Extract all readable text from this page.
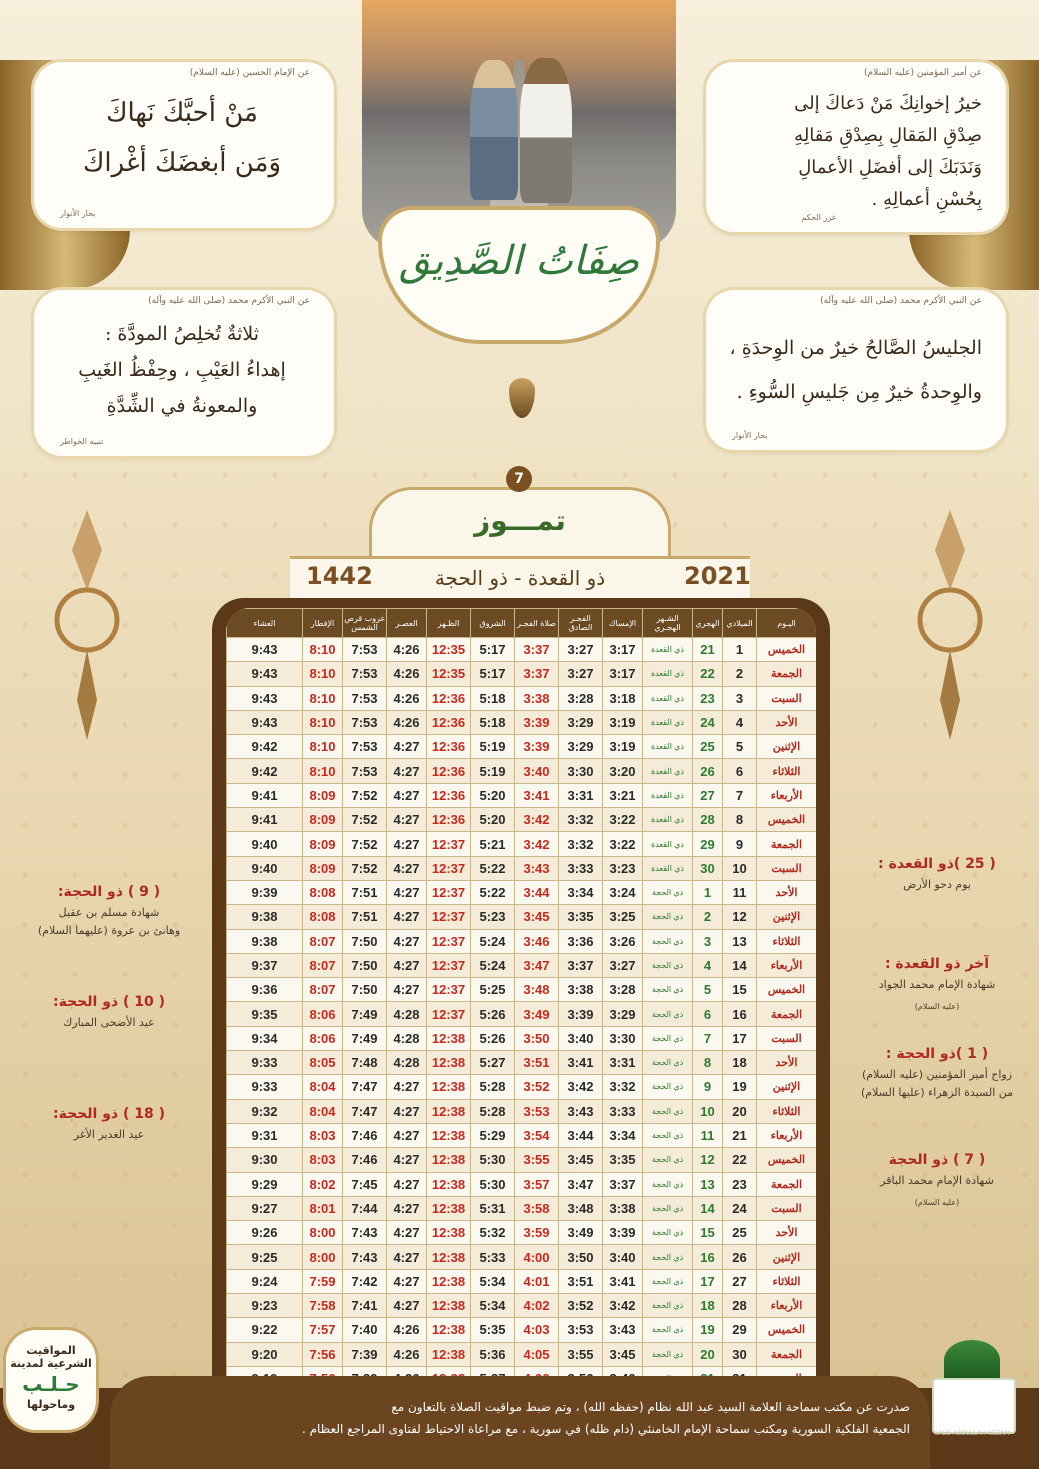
عن أمير المؤمنين (عليه السلام)
خيرُ إخوانِكَ مَنْ دَعاكَ إلى
صِدْقِ المَقالِ بِصِدْقِ مَقالِهِ
وَنَدَبَكَ إلى أفضَلِ الأعمالِ
بِحُسْنِ أعمالِهِ .
غرر الحكم
عن الإمام الحسين (عليه السلام)
مَنْ أحبَّكَ نَهاكَ
وَمَن أبغضَكَ أغْراكَ
بحار الأنوار
عن النبي الأكرم محمد (صلى الله عليه وآله)
الجليسُ الصَّالحُ خيرٌ من الوِحدَةِ ،
والوِحدةُ خيرٌ مِن جَليسِ السُّوءِ .
بحار الأنوار
عن النبي الأكرم محمد (صلى الله عليه وآله)
ثلاثةٌ تُخلِصُ المودَّةَ :
إهداءُ العَيْبِ ، وحِفْظُ الغَيبِ
والمعونةُ في الشِّدَّةِ
تنبيه الخواطر
صِفَاتُ الصَّدِيق
7
تمـــوز
2021
1442	ذو القعدة - ذو الحجة
اليـوم	الميلادي	الهجري	الشـهر الهجـري	الإمساك	الفجـر الصادق	صلاة الفجـر	الشروق	الظـهر	العصـر	غروب قرص الشمس	الإفطار	العشاء
الخميس	1	21	ذي القعدة	3:17	3:27	3:37	5:17	12:35	4:26	7:53	8:10	9:43
الجمعة	2	22	ذي القعدة	3:17	3:27	3:37	5:17	12:35	4:26	7:53	8:10	9:43
السبت	3	23	ذي القعدة	3:18	3:28	3:38	5:18	12:36	4:26	7:53	8:10	9:43
الأحد	4	24	ذي القعدة	3:19	3:29	3:39	5:18	12:36	4:26	7:53	8:10	9:43
الإثنين	5	25	ذي القعدة	3:19	3:29	3:39	5:19	12:36	4:27	7:53	8:10	9:42
الثلاثاء	6	26	ذي القعدة	3:20	3:30	3:40	5:19	12:36	4:27	7:53	8:10	9:42
الأربعاء	7	27	ذي القعدة	3:21	3:31	3:41	5:20	12:36	4:27	7:52	8:09	9:41
الخميس	8	28	ذي القعدة	3:22	3:32	3:42	5:20	12:36	4:27	7:52	8:09	9:41
الجمعة	9	29	ذي القعدة	3:22	3:32	3:42	5:21	12:37	4:27	7:52	8:09	9:40
السبت	10	30	ذي القعدة	3:23	3:33	3:43	5:22	12:37	4:27	7:52	8:09	9:40
الأحد	11	1	ذي الحجة	3:24	3:34	3:44	5:22	12:37	4:27	7:51	8:08	9:39
الإثنين	12	2	ذي الحجة	3:25	3:35	3:45	5:23	12:37	4:27	7:51	8:08	9:38
الثلاثاء	13	3	ذي الحجة	3:26	3:36	3:46	5:24	12:37	4:27	7:50	8:07	9:38
الأربعاء	14	4	ذي الحجة	3:27	3:37	3:47	5:24	12:37	4:27	7:50	8:07	9:37
الخميس	15	5	ذي الحجة	3:28	3:38	3:48	5:25	12:37	4:27	7:50	8:07	9:36
الجمعة	16	6	ذي الحجة	3:29	3:39	3:49	5:26	12:37	4:28	7:49	8:06	9:35
السبت	17	7	ذي الحجة	3:30	3:40	3:50	5:26	12:38	4:28	7:49	8:06	9:34
الأحد	18	8	ذي الحجة	3:31	3:41	3:51	5:27	12:38	4:28	7:48	8:05	9:33
الإثنين	19	9	ذي الحجة	3:32	3:42	3:52	5:28	12:38	4:27	7:47	8:04	9:33
الثلاثاء	20	10	ذي الحجة	3:33	3:43	3:53	5:28	12:38	4:27	7:47	8:04	9:32
الأربعاء	21	11	ذي الحجة	3:34	3:44	3:54	5:29	12:38	4:27	7:46	8:03	9:31
الخميس	22	12	ذي الحجة	3:35	3:45	3:55	5:30	12:38	4:27	7:46	8:03	9:30
الجمعة	23	13	ذي الحجة	3:37	3:47	3:57	5:30	12:38	4:27	7:45	8:02	9:29
السبت	24	14	ذي الحجة	3:38	3:48	3:58	5:31	12:38	4:27	7:44	8:01	9:27
الأحد	25	15	ذي الحجة	3:39	3:49	3:59	5:32	12:38	4:27	7:43	8:00	9:26
الإثنين	26	16	ذي الحجة	3:40	3:50	4:00	5:33	12:38	4:27	7:43	8:00	9:25
الثلاثاء	27	17	ذي الحجة	3:41	3:51	4:01	5:34	12:38	4:27	7:42	7:59	9:24
الأربعاء	28	18	ذي الحجة	3:42	3:52	4:02	5:34	12:38	4:27	7:41	7:58	9:23
الخميس	29	19	ذي الحجة	3:43	3:53	4:03	5:35	12:38	4:26	7:40	7:57	9:22
الجمعة	30	20	ذي الحجة	3:45	3:55	4:05	5:36	12:38	4:26	7:39	7:56	9:20

صدرت عن مكتب سماحة العلامة السيد عبد الله نظام (حفظه الله) ، وتم ضبط مواقيت الصلاة بالتعاون مع
الجمعية الفلكية السورية ومكتب سماحة الإمام الخامنئي (دام ظله) في سورية ، مع مراعاة الاحتياط لفتاوى المراجع العظام .
المواقيت
الشرعية لمدينة
حـلـب
وماحولها
SAED ABDULLAH NEZAM
( 25 )ذو القعدة :
يوم دحو الأرض
آخر ذو القعدة :
شهادة الإمام محمد الجواد
(عليه السلام)
( 1 )ذو الحجة :
زواج أمير المؤمنين (عليه السلام)
من السيدة الزهراء (عليها السلام)
( 7 ) ذو الحجة
شهادة الإمام محمد الباقر
(عليه السلام)
( 9 ) ذو الحجة:
شهادة مسلم بن عقيل
وهانئ بن عروة (عليهما السلام)
( 10 ) ذو الحجة:
عيد الأضحى المبارك
( 18 ) ذو الحجة:
عيد الغدير الأغر
